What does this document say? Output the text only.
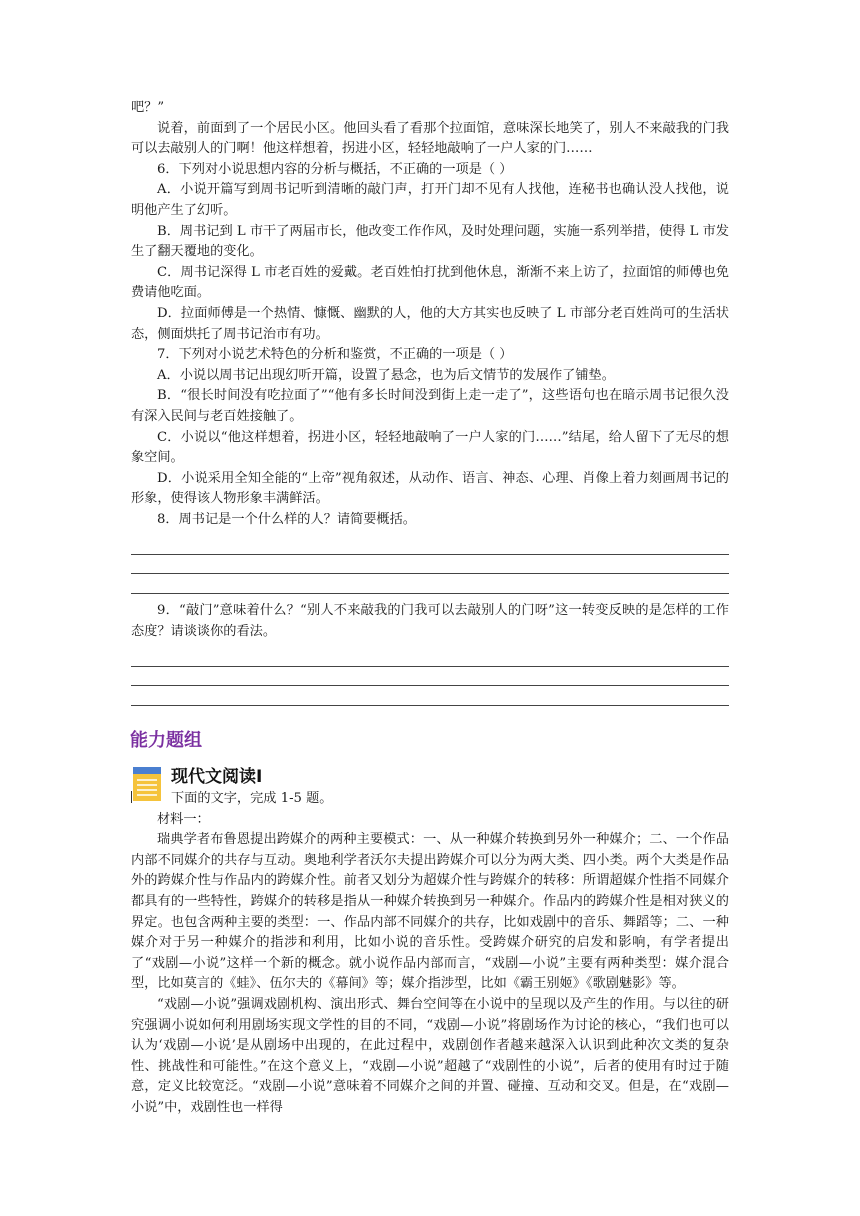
吧？”

说着，前面到了一个居民小区。他回头看了看那个拉面馆，意味深长地笑了，别人不来敲我的门我可以去敲别人的门啊！他这样想着，拐进小区，轻轻地敲响了一户人家的门……

6．下列对小说思想内容的分析与概括，不正确的一项是（ ）

A．小说开篇写到周书记听到清晰的敲门声，打开门却不见有人找他，连秘书也确认没人找他，说明他产生了幻听。

B．周书记到 L 市干了两届市长，他改变工作作风，及时处理问题，实施一系列举措，使得 L 市发生了翻天覆地的变化。

C．周书记深得 L 市老百姓的爱戴。老百姓怕打扰到他休息，渐渐不来上访了，拉面馆的师傅也免费请他吃面。

D．拉面师傅是一个热情、慷慨、幽默的人，他的大方其实也反映了 L 市部分老百姓尚可的生活状态，侧面烘托了周书记治市有功。

7．下列对小说艺术特色的分析和鉴赏，不正确的一项是（ ）

A．小说以周书记出现幻听开篇，设置了悬念，也为后文情节的发展作了铺垫。

B．“很长时间没有吃拉面了”“他有多长时间没到街上走一走了”，这些语句也在暗示周书记很久没有深入民间与老百姓接触了。

C．小说以“他这样想着，拐进小区，轻轻地敲响了一户人家的门……”结尾，给人留下了无尽的想象空间。

D．小说采用全知全能的“上帝”视角叙述，从动作、语言、神态、心理、肖像上着力刻画周书记的形象，使得该人物形象丰满鲜活。

8．周书记是一个什么样的人？请简要概括。

9．“敲门”意味着什么？“别人不来敲我的门我可以去敲别人的门呀”这一转变反映的是怎样的工作态度？请谈谈你的看法。

能力题组
现代文阅读Ⅰ
下面的文字，完成 1-5 题。

材料一：

瑞典学者布鲁恩提出跨媒介的两种主要模式：一、从一种媒介转换到另外一种媒介；二、一个作品内部不同媒介的共存与互动。奥地利学者沃尔夫提出跨媒介可以分为两大类、四小类。两个大类是作品外的跨媒介性与作品内的跨媒介性。前者又划分为超媒介性与跨媒介的转移：所谓超媒介性指不同媒介都具有的一些特性，跨媒介的转移是指从一种媒介转换到另一种媒介。作品内的跨媒介性是相对狭义的界定。也包含两种主要的类型：一、作品内部不同媒介的共存，比如戏剧中的音乐、舞蹈等；二、一种媒介对于另一种媒介的指涉和利用，比如小说的音乐性。受跨媒介研究的启发和影响，有学者提出了“戏剧—小说”这样一个新的概念。就小说作品内部而言，“戏剧—小说”主要有两种类型：媒介混合型，比如莫言的《蛙》、伍尔夫的《幕间》等；媒介指涉型，比如《霸王别姬》《歌剧魅影》等。

“戏剧—小说”强调戏剧机构、演出形式、舞台空间等在小说中的呈现以及产生的作用。与以往的研究强调小说如何利用剧场实现文学性的目的不同，“戏剧—小说”将剧场作为讨论的核心，“我们也可以认为‘戏剧—小说’是从剧场中出现的，在此过程中，戏剧创作者越来越深入认识到此种次文类的复杂性、挑战性和可能性。”在这个意义上，“戏剧—小说”超越了“戏剧性的小说”，后者的使用有时过于随意，定义比较宽泛。“戏剧—小说”意味着不同媒介之间的并置、碰撞、互动和交叉。但是，在“戏剧—小说”中，戏剧性也一样得
